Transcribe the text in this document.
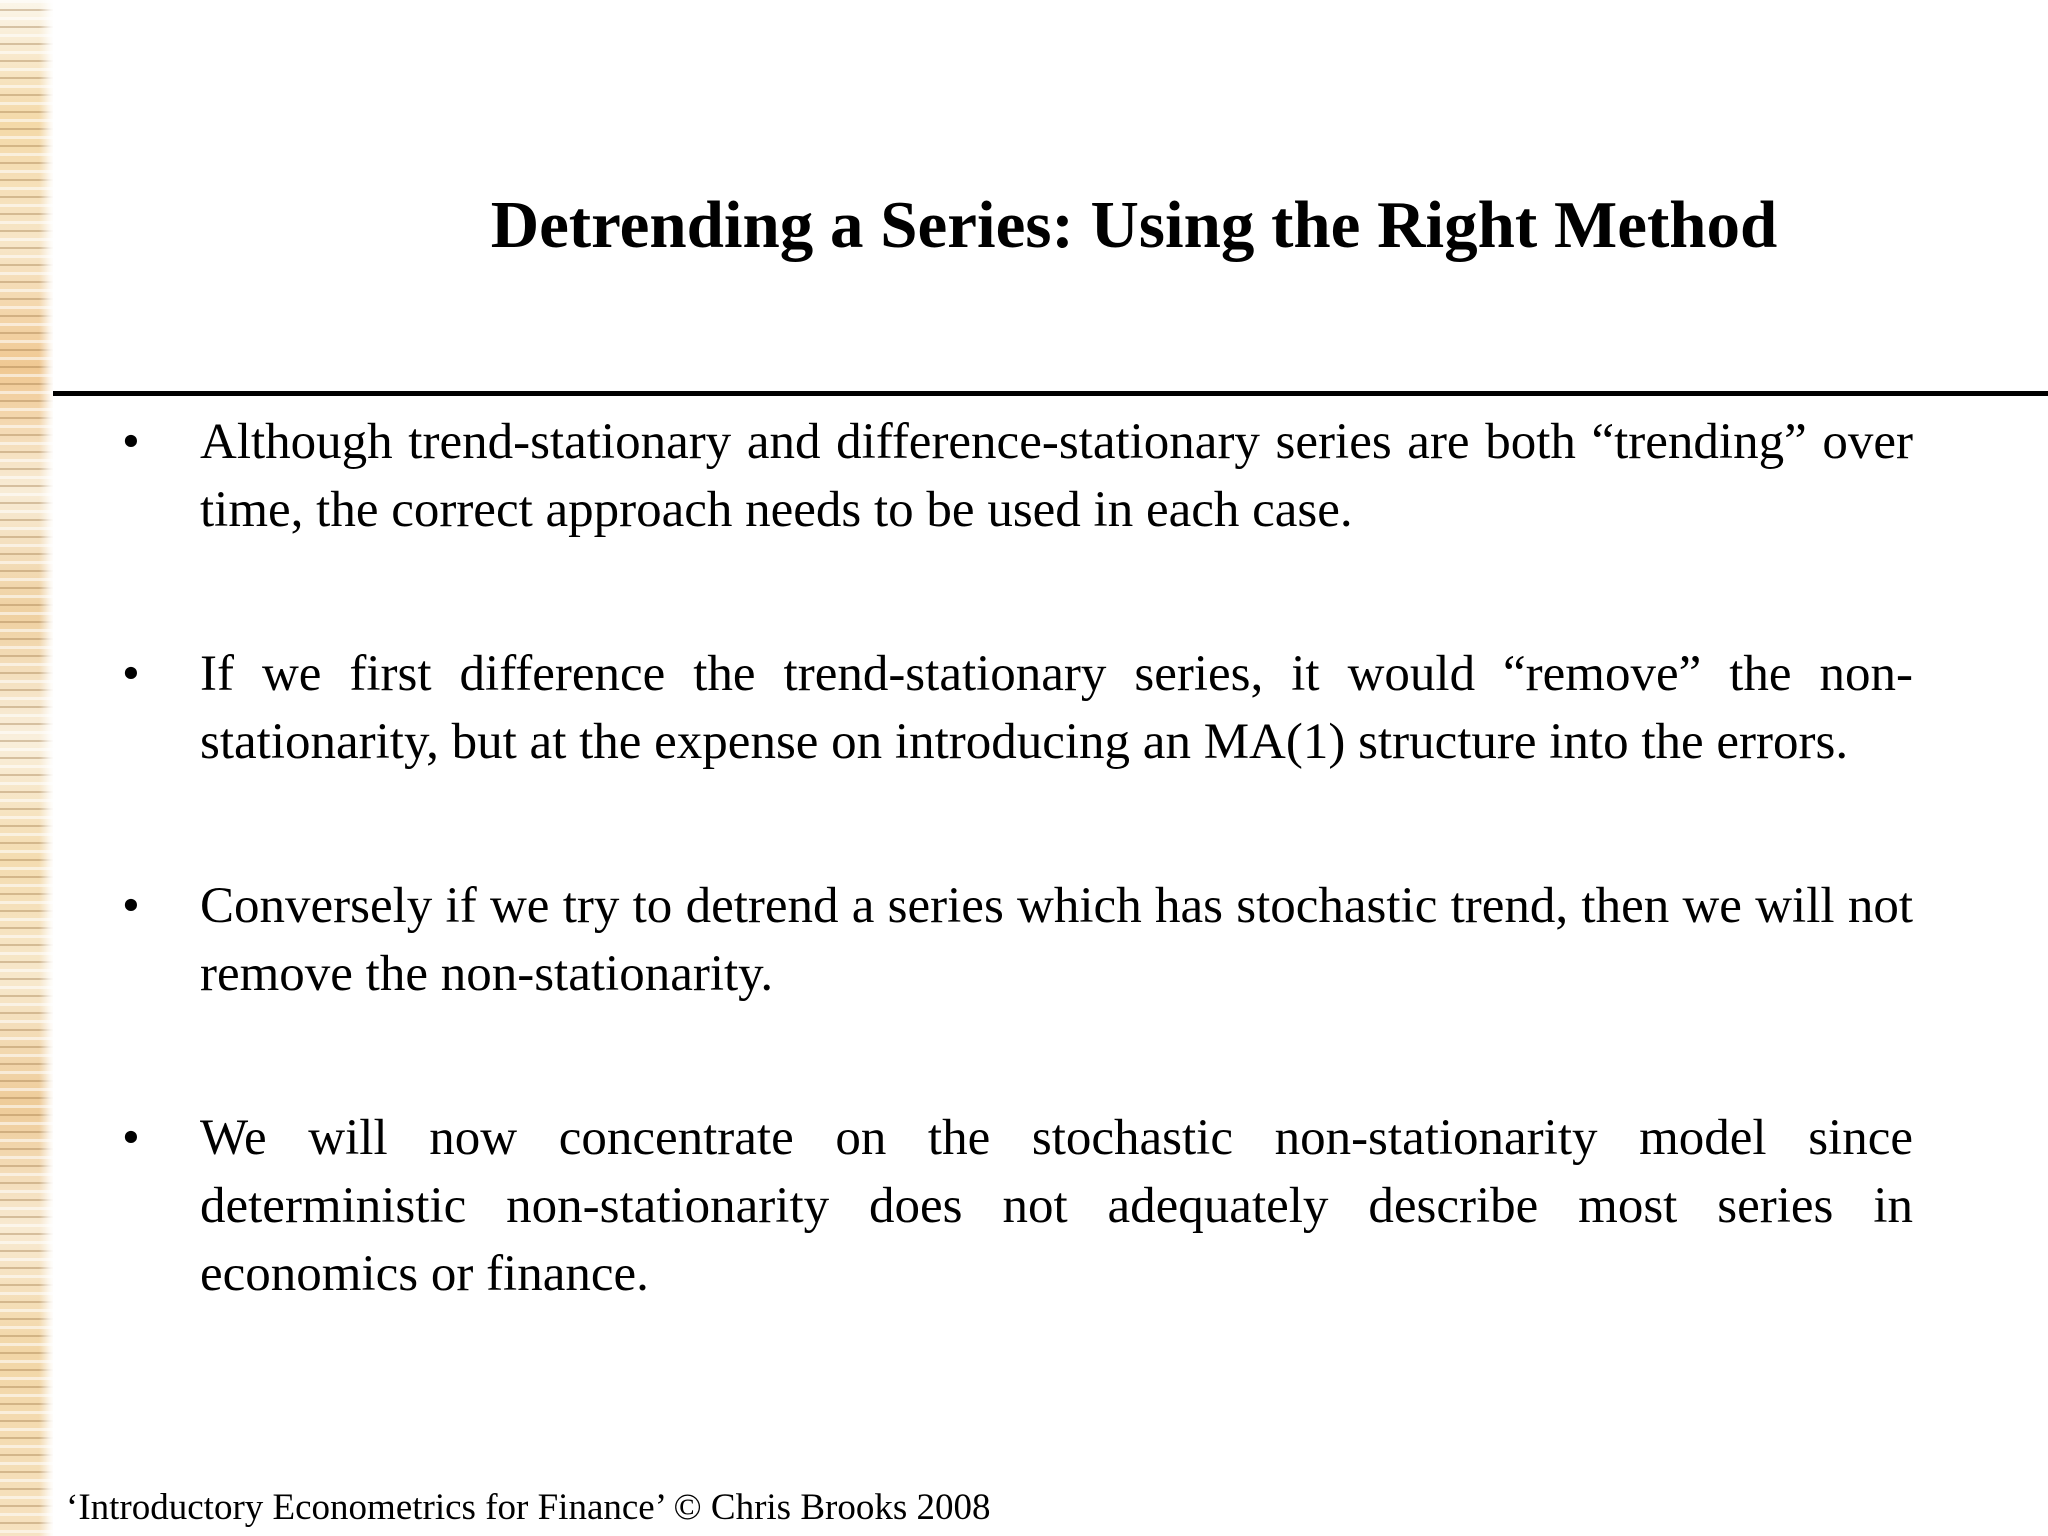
Detrending a Series: Using the Right Method
• Although trend-stationary and difference-stationary series are both “trending” over time, the correct approach needs to be used in each case.
• If we first difference the trend-stationary series, it would “remove” the non-stationarity, but at the expense on introducing an MA(1) structure into the errors.
• Conversely if we try to detrend a series which has stochastic trend, then we will not remove the non-stationarity.
• We will now concentrate on the stochastic non-stationarity model since deterministic non-stationarity does not adequately describe most series in economics or finance.
‘Introductory Econometrics for Finance’ © Chris Brooks 2008
